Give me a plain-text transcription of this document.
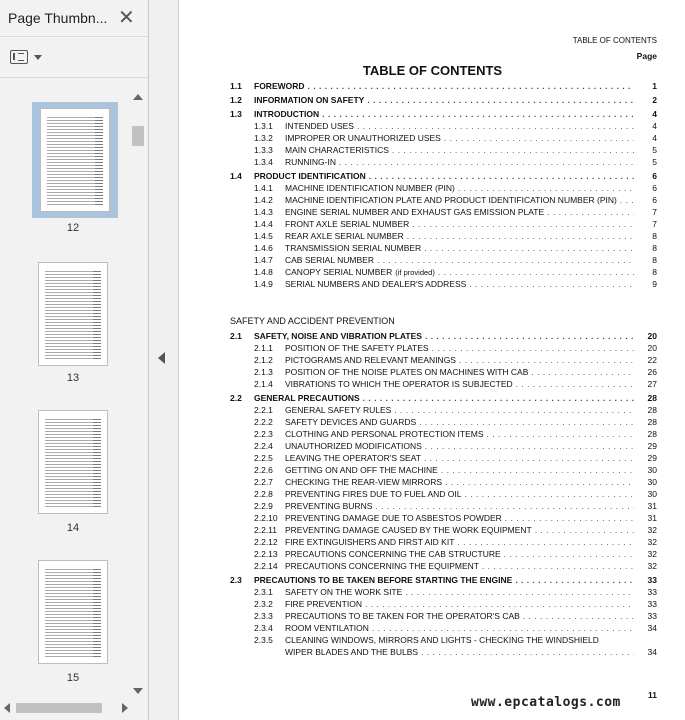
Page Thumbn... ✕
12
13
14
15
TABLE OF CONTENTS
Page
TABLE OF CONTENTS
1.1	FOREWORD . . .	1
1.2	INFORMATION ON SAFETY . . .	2
1.3	INTRODUCTION . . .	4
1.3.1	INTENDED USES . . .	4
1.3.2	IMPROPER OR UNAUTHORIZED USES . . .	4
1.3.3	MAIN CHARACTERISTICS . . .	5
1.3.4	RUNNING-IN . . .	5
1.4	PRODUCT IDENTIFICATION . . .	6
1.4.1	MACHINE IDENTIFICATION NUMBER (PIN) . . .	6
1.4.2	MACHINE IDENTIFICATION PLATE AND PRODUCT IDENTIFICATION NUMBER (PIN) . . .	6
1.4.3	ENGINE SERIAL NUMBER AND EXHAUST GAS EMISSION PLATE . . .	7
1.4.4	FRONT AXLE SERIAL NUMBER . . .	7
1.4.5	REAR AXLE SERIAL NUMBER . . .	8
1.4.6	TRANSMISSION SERIAL NUMBER . . .	8
1.4.7	CAB SERIAL NUMBER . . .	8
1.4.8	CANOPY SERIAL NUMBER (if provided) . . .	8
1.4.9	SERIAL NUMBERS AND DEALER'S ADDRESS . . .	9
SAFETY AND ACCIDENT PREVENTION
2.1	SAFETY, NOISE AND VIBRATION PLATES . . .	20
2.1.1	POSITION OF THE SAFETY PLATES . . .	20
2.1.2	PICTOGRAMS AND RELEVANT MEANINGS . . .	22
2.1.3	POSITION OF THE NOISE PLATES ON MACHINES WITH CAB . . .	26
2.1.4	VIBRATIONS TO WHICH THE OPERATOR IS SUBJECTED . . .	27
2.2	GENERAL PRECAUTIONS . . .	28
2.2.1	GENERAL SAFETY RULES . . .	28
2.2.2	SAFETY DEVICES AND GUARDS . . .	28
2.2.3	CLOTHING AND PERSONAL PROTECTION ITEMS . . .	28
2.2.4	UNAUTHORIZED MODIFICATIONS . . .	29
2.2.5	LEAVING THE OPERATOR'S SEAT . . .	29
2.2.6	GETTING ON AND OFF THE MACHINE . . .	30
2.2.7	CHECKING THE REAR-VIEW MIRRORS . . .	30
2.2.8	PREVENTING FIRES DUE TO FUEL AND OIL . . .	30
2.2.9	PREVENTING BURNS . . .	31
2.2.10 PREVENTING DAMAGE DUE TO ASBESTOS POWDER . . .	31
2.2.11 PREVENTING DAMAGE CAUSED BY THE WORK EQUIPMENT . . .	32
2.2.12 FIRE EXTINGUISHERS AND FIRST AID KIT . . .	32
2.2.13 PRECAUTIONS CONCERNING THE CAB STRUCTURE . . .	32
2.2.14 PRECAUTIONS CONCERNING THE EQUIPMENT . . .	32
2.3	PRECAUTIONS TO BE TAKEN BEFORE STARTING THE ENGINE . . .	33
2.3.1	SAFETY ON THE WORK SITE . . .	33
2.3.2	FIRE PREVENTION . . .	33
2.3.3	PRECAUTIONS TO BE TAKEN FOR THE OPERATOR'S CAB . . .	33
2.3.4	ROOM VENTILATION . . .	34
2.3.5	CLEANING WINDOWS, MIRRORS AND LIGHTS - CHECKING THE WINDSHIELD
WIPER BLADES AND THE BULBS . . .	34
11
www.epcatalogs.com
